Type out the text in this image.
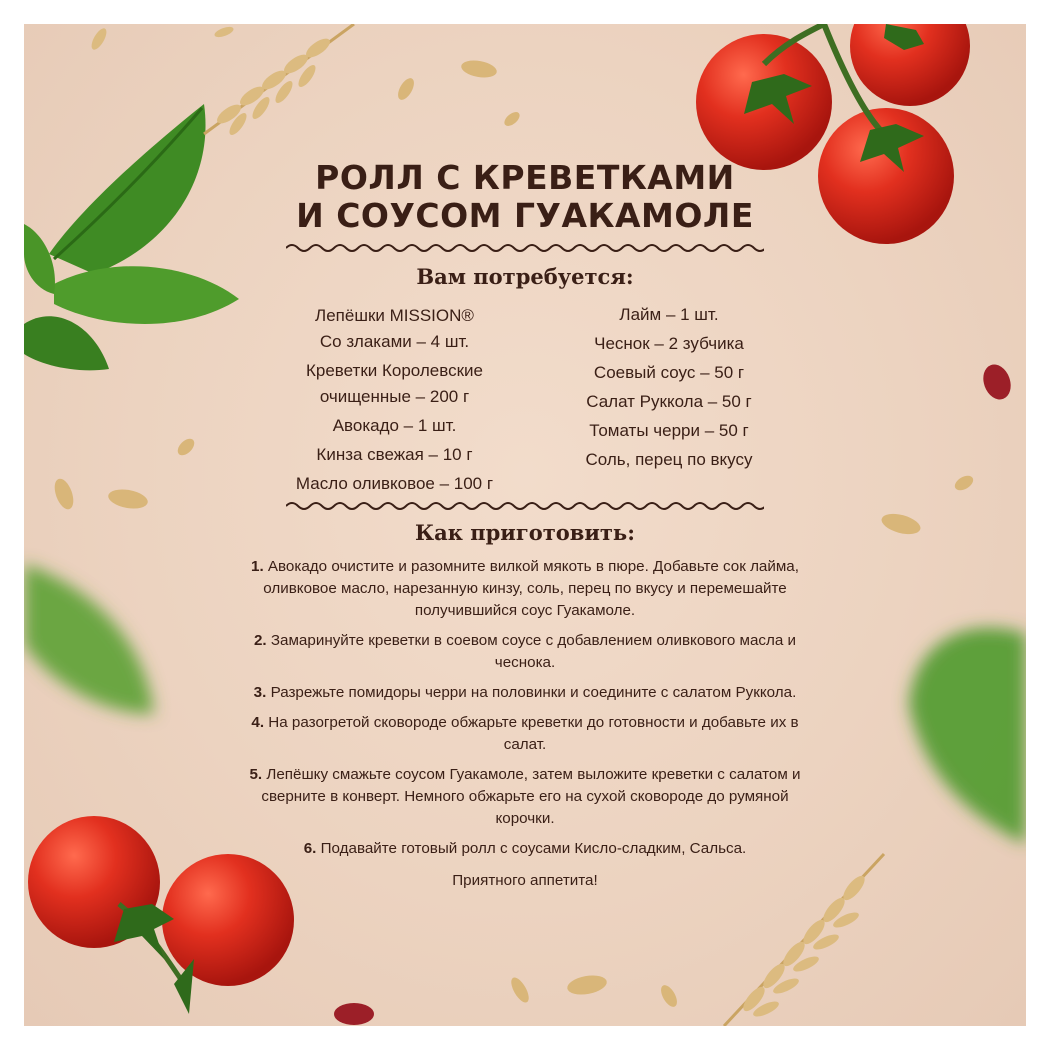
РОЛЛ С КРЕВЕТКАМИ
И СОУСОМ ГУАКАМОЛЕ
Вам потребуется:
Лепёшки MISSION®
Со злаками – 4 шт.
Креветки Королевские
очищенные – 200 г
Авокадо – 1 шт.
Кинза свежая – 10 г
Масло оливковое – 100 г
Лайм – 1 шт.
Чеснок – 2 зубчика
Соевый соус – 50 г
Салат Руккола – 50 г
Томаты черри – 50 г
Соль, перец по вкусу
Как приготовить:
1. Авокадо очистите и разомните вилкой мякоть в пюре. Добавьте сок лайма, оливковое масло, нарезанную кинзу, соль, перец по вкусу и перемешайте получившийся соус Гуакамоле.
2. Замаринуйте креветки в соевом соусе с добавлением оливкового масла и чеснока.
3. Разрежьте помидоры черри на половинки и соедините с салатом Руккола.
4. На разогретой сковороде обжарьте креветки до готовности и добавьте их в салат.
5. Лепёшку смажьте соусом Гуакамоле, затем выложите креветки с салатом и сверните в конверт. Немного обжарьте его на сухой сковороде до румяной корочки.
6. Подавайте готовый ролл с соусами Кисло-сладким, Сальса.
Приятного аппетита!
